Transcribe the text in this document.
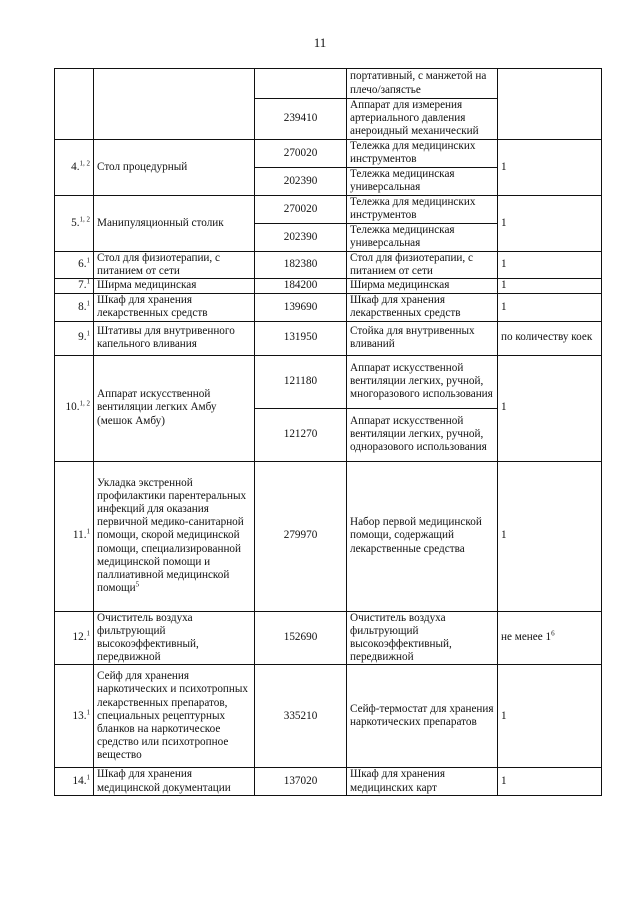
11
			портативный, с манжетой на плечо/запястье	
		239410	Аппарат для измерения артериального давления анероидный механический	
4.$^{1, 2}$	Стол процедурный	270020	Тележка для медицинских инструментов	1
		202390	Тележка медицинская универсальная	
5.$^{1, 2}$	Манипуляционный столик	270020	Тележка для медицинских инструментов	1
		202390	Тележка медицинская универсальная	
6.$^1$	Стол для физиотерапии, с питанием от сети	182380	Стол для физиотерапии, с питанием от сети	1
7.$^1$	Ширма медицинская	184200	Ширма медицинская	1
8.$^1$	Шкаф для хранения лекарственных средств	139690	Шкаф для хранения лекарственных средств	1
9.$^1$	Штативы для внутривенного капельного вливания	131950	Стойка для внутривенных вливаний	по количеству коек
10.$^{1, 2}$	Аппарат искусственной вентиляции легких Амбу (мешок Амбу)	121180	Аппарат искусственной вентиляции легких, ручной, многоразового использования	1
		121270	Аппарат искусственной вентиляции легких, ручной, одноразового использования	
11.$^1$	Укладка экстренной профилактики парентеральных инфекций для оказания первичной медико-санитарной помощи, скорой медицинской помощи, специализированной медицинской помощи и паллиативной медицинской помощи$^5$	279970	Набор первой медицинской помощи, содержащий лекарственные средства	1
12.$^1$	Очиститель воздуха фильтрующий высокоэффективный, передвижной	152690	Очиститель воздуха фильтрующий высокоэффективный, передвижной	не менее $1^6$
13.$^1$	Сейф для хранения наркотических и психотропных лекарственных препаратов, специальных рецептурных бланков на наркотическое средство или психотропное вещество	335210	Сейф-термостат для хранения наркотических препаратов	1
14.$^1$	Шкаф для хранения медицинской документации	137020	Шкаф для хранения медицинских карт	1
